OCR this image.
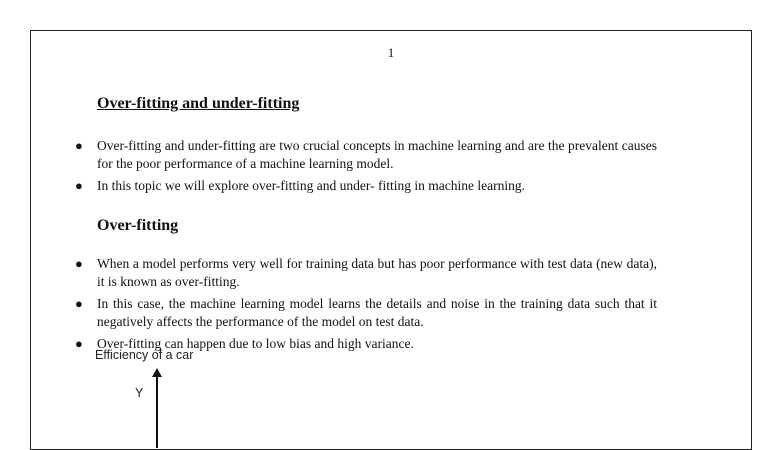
1
Over-fitting and under-fitting
● Over-fitting and under-fitting are two crucial concepts in machine learning and are the prevalent causes for the poor performance of a machine learning model.
● In this topic we will explore over-fitting and under- fitting in machine learning.
Over-fitting
● When a model performs very well for training data but has poor performance with test data (new data), it is known as over-fitting.
● In this case, the machine learning model learns the details and noise in the training data such that it negatively affects the performance of the model on test data.
● Over-fitting can happen due to low bias and high variance.
Efficiency of a car
Y
